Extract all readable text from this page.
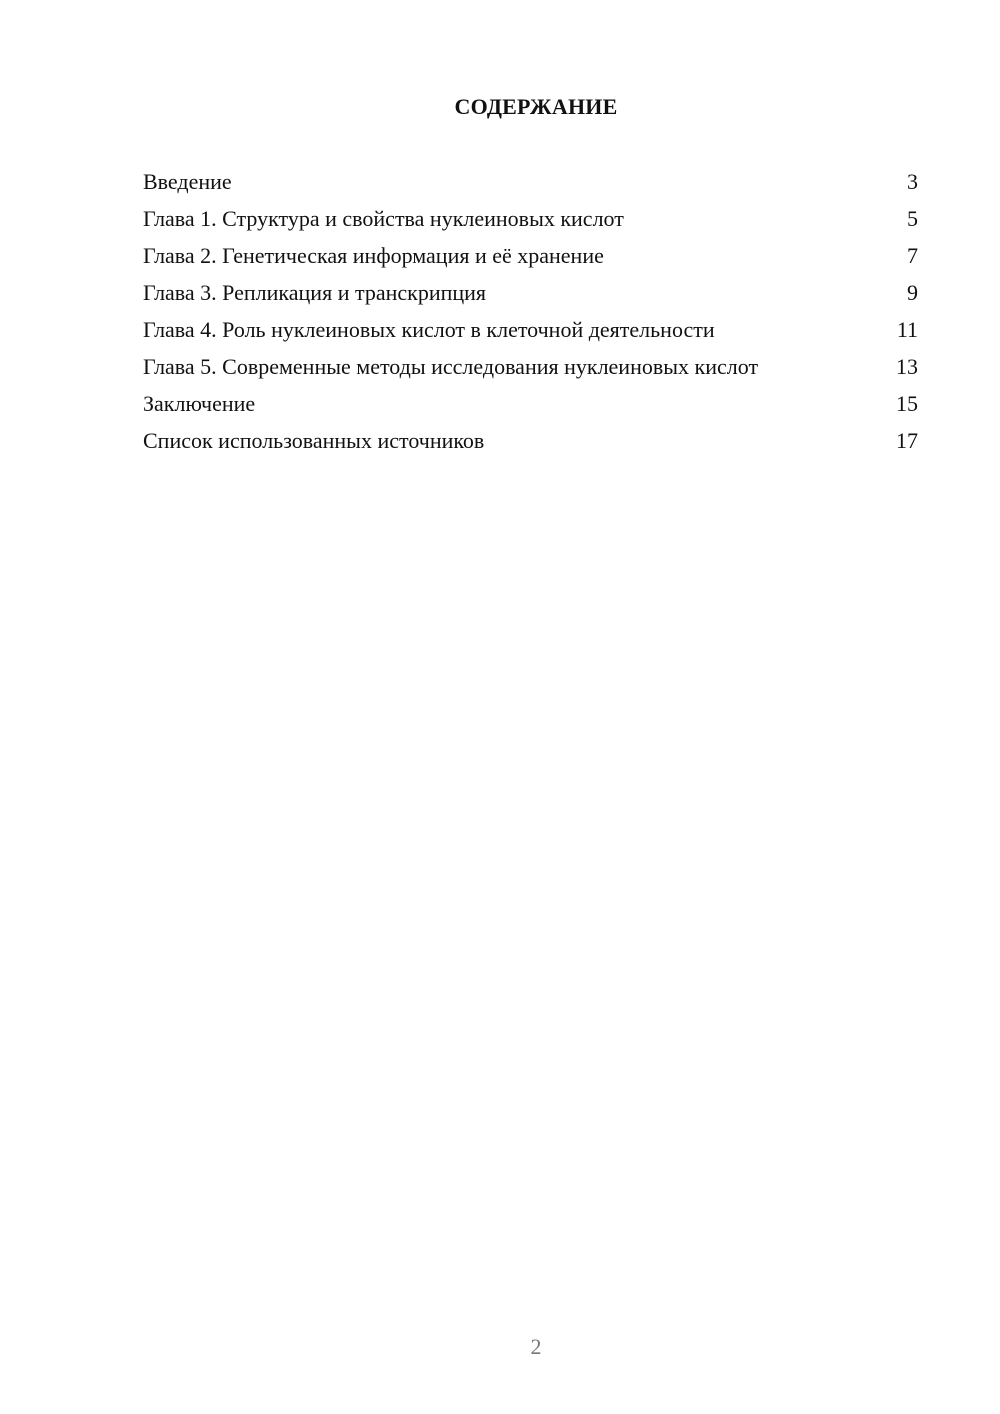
СОДЕРЖАНИЕ
Введение	3
Глава 1. Структура и свойства нуклеиновых кислот	5
Глава 2. Генетическая информация и её хранение	7
Глава 3. Репликация и транскрипция	9
Глава 4. Роль нуклеиновых кислот в клеточной деятельности	11
Глава 5. Современные методы исследования нуклеиновых кислот	13
Заключение	15
Список использованных источников	17
2
